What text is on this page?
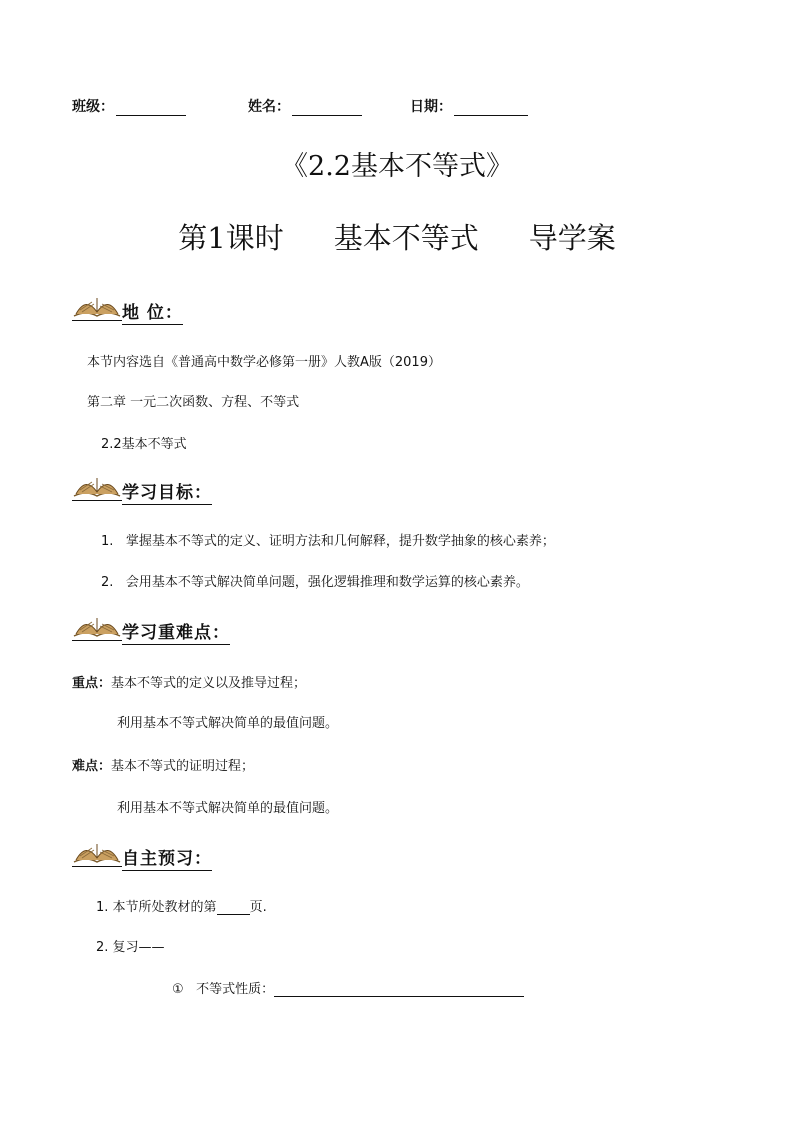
班级：	姓名：	日期：
《2.2基本不等式》
第1课时 基本不等式 导学案
地 位：
本节内容选自《普通高中数学必修第一册》人教A版（2019）
第二章 一元二次函数、方程、不等式
2.2基本不等式
学习目标：
1. 掌握基本不等式的定义、证明方法和几何解释，提升数学抽象的核心素养；
2. 会用基本不等式解决简单问题，强化逻辑推理和数学运算的核心素养。
学习重难点：
重点：基本不等式的定义以及推导过程；
利用基本不等式解决简单的最值问题。
难点：基本不等式的证明过程；
利用基本不等式解决简单的最值问题。
自主预习：
1. 本节所处教材的第	页.
2. 复习——
① 不等式性质：
